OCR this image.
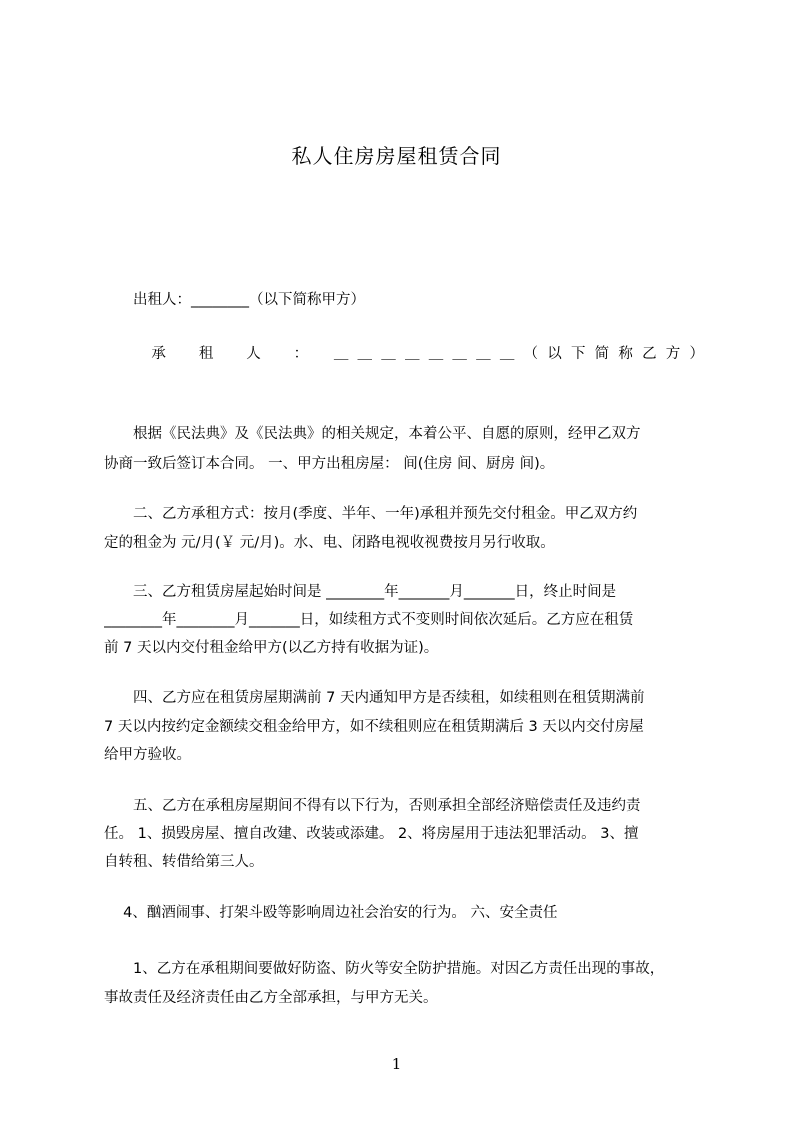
私人住房房屋租赁合同
　　出租人：________（以下简称甲方）
　　承　租　人　：　＿＿＿＿＿＿＿＿（以下简称乙方）
　　根据《民法典》及《民法典》的相关规定，本着公平、自愿的原则，经甲乙双方
协商一致后签订本合同。 一、甲方出租房屋： 间(住房 间、厨房 间)。
　　二、乙方承租方式：按月(季度、半年、一年)承租并预先交付租金。甲乙双方约
定的租金为 元/月(￥ 元/月)。水、电、闭路电视收视费按月另行收取。
　　三、乙方租赁房屋起始时间是 ________年_______月_______日，终止时间是
________年________月_______日，如续租方式不变则时间依次延后。乙方应在租赁
前 7 天以内交付租金给甲方(以乙方持有收据为证)。
　　四、乙方应在租赁房屋期满前 7 天内通知甲方是否续租，如续租则在租赁期满前
7 天以内按约定金额续交租金给甲方，如不续租则应在租赁期满后 3 天以内交付房屋
给甲方验收。
　　五、乙方在承租房屋期间不得有以下行为，否则承担全部经济赔偿责任及违约责
任。 1、损毁房屋、擅自改建、改装或添建。 2、将房屋用于违法犯罪活动。 3、擅
自转租、转借给第三人。
　 4、酗酒闹事、打架斗殴等影响周边社会治安的行为。 六、安全责任
　　1、乙方在承租期间要做好防盗、防火等安全防护措施。对因乙方责任出现的事故，
事故责任及经济责任由乙方全部承担，与甲方无关。
1
